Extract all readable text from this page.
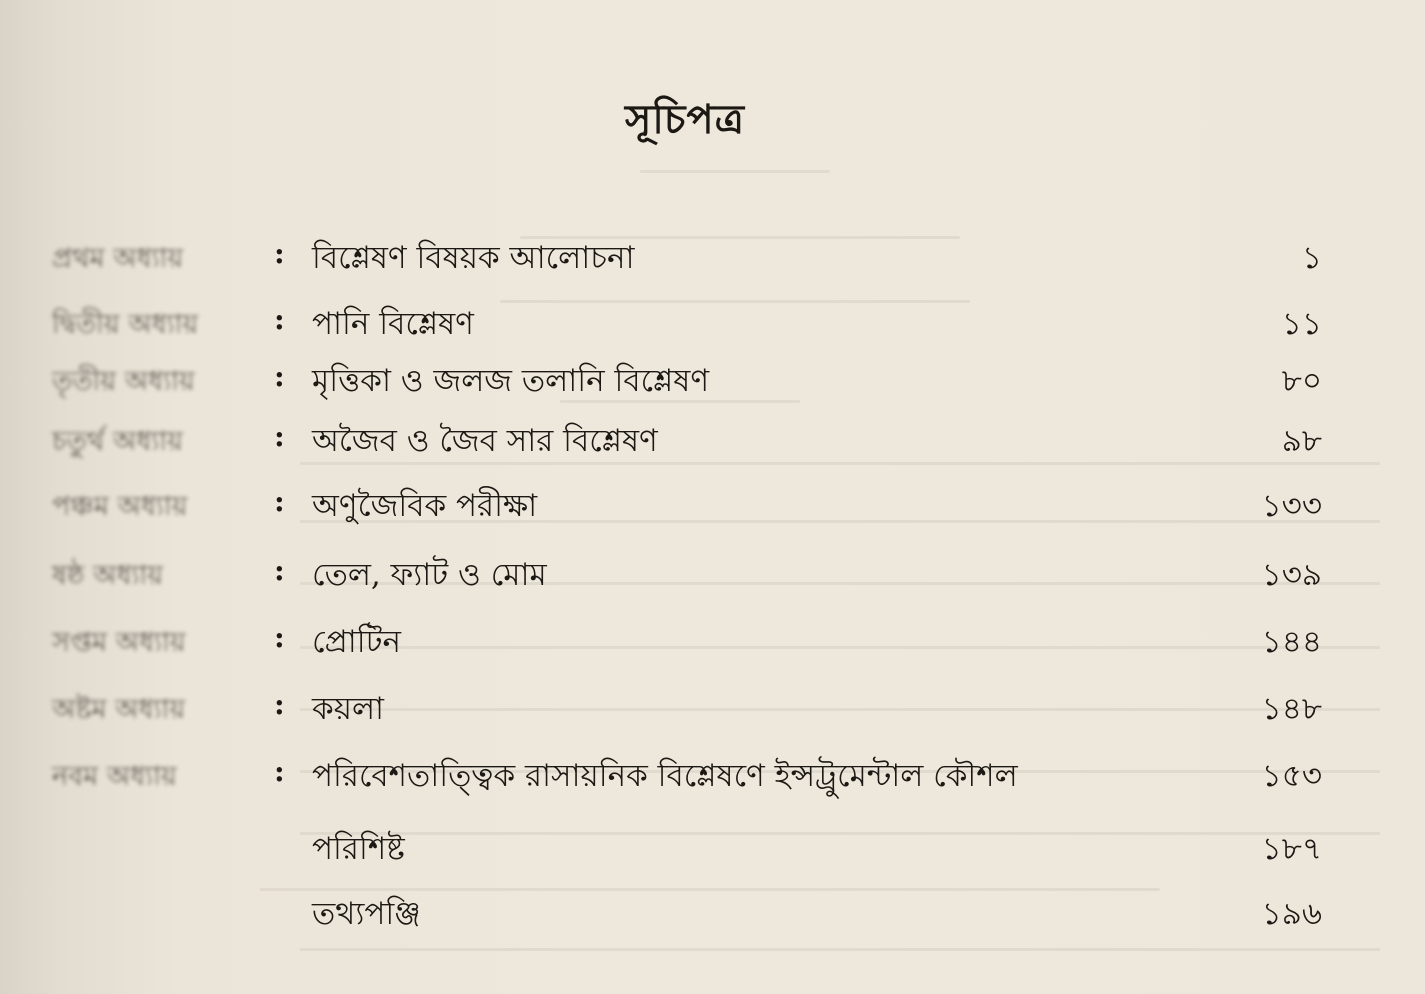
সূচিপত্র
প্রথম অধ্যায়	: বিশ্লেষণ বিষয়ক আলোচনা	১
দ্বিতীয় অধ্যায়	: পানি বিশ্লেষণ	১১
তৃতীয় অধ্যায়	: মৃত্তিকা ও জলজ তলানি বিশ্লেষণ	৮০
চতুর্থ অধ্যায়	: অজৈব ও জৈব সার বিশ্লেষণ	৯৮
পঞ্চম অধ্যায়	: অণুজৈবিক পরীক্ষা	১৩৩
ষষ্ঠ অধ্যায়	: তেল, ফ্যাট ও মোম	১৩৯
সপ্তম অধ্যায়	: প্রোটিন	১৪৪
অষ্টম অধ্যায়	: কয়লা	১৪৮
নবম অধ্যায়	: পরিবেশতাত্ত্বিক রাসায়নিক বিশ্লেষণে ইন্সট্রুমেন্টাল কৌশল	১৫৩
পরিশিষ্ট	১৮৭
তথ্যপঞ্জি	১৯৬
